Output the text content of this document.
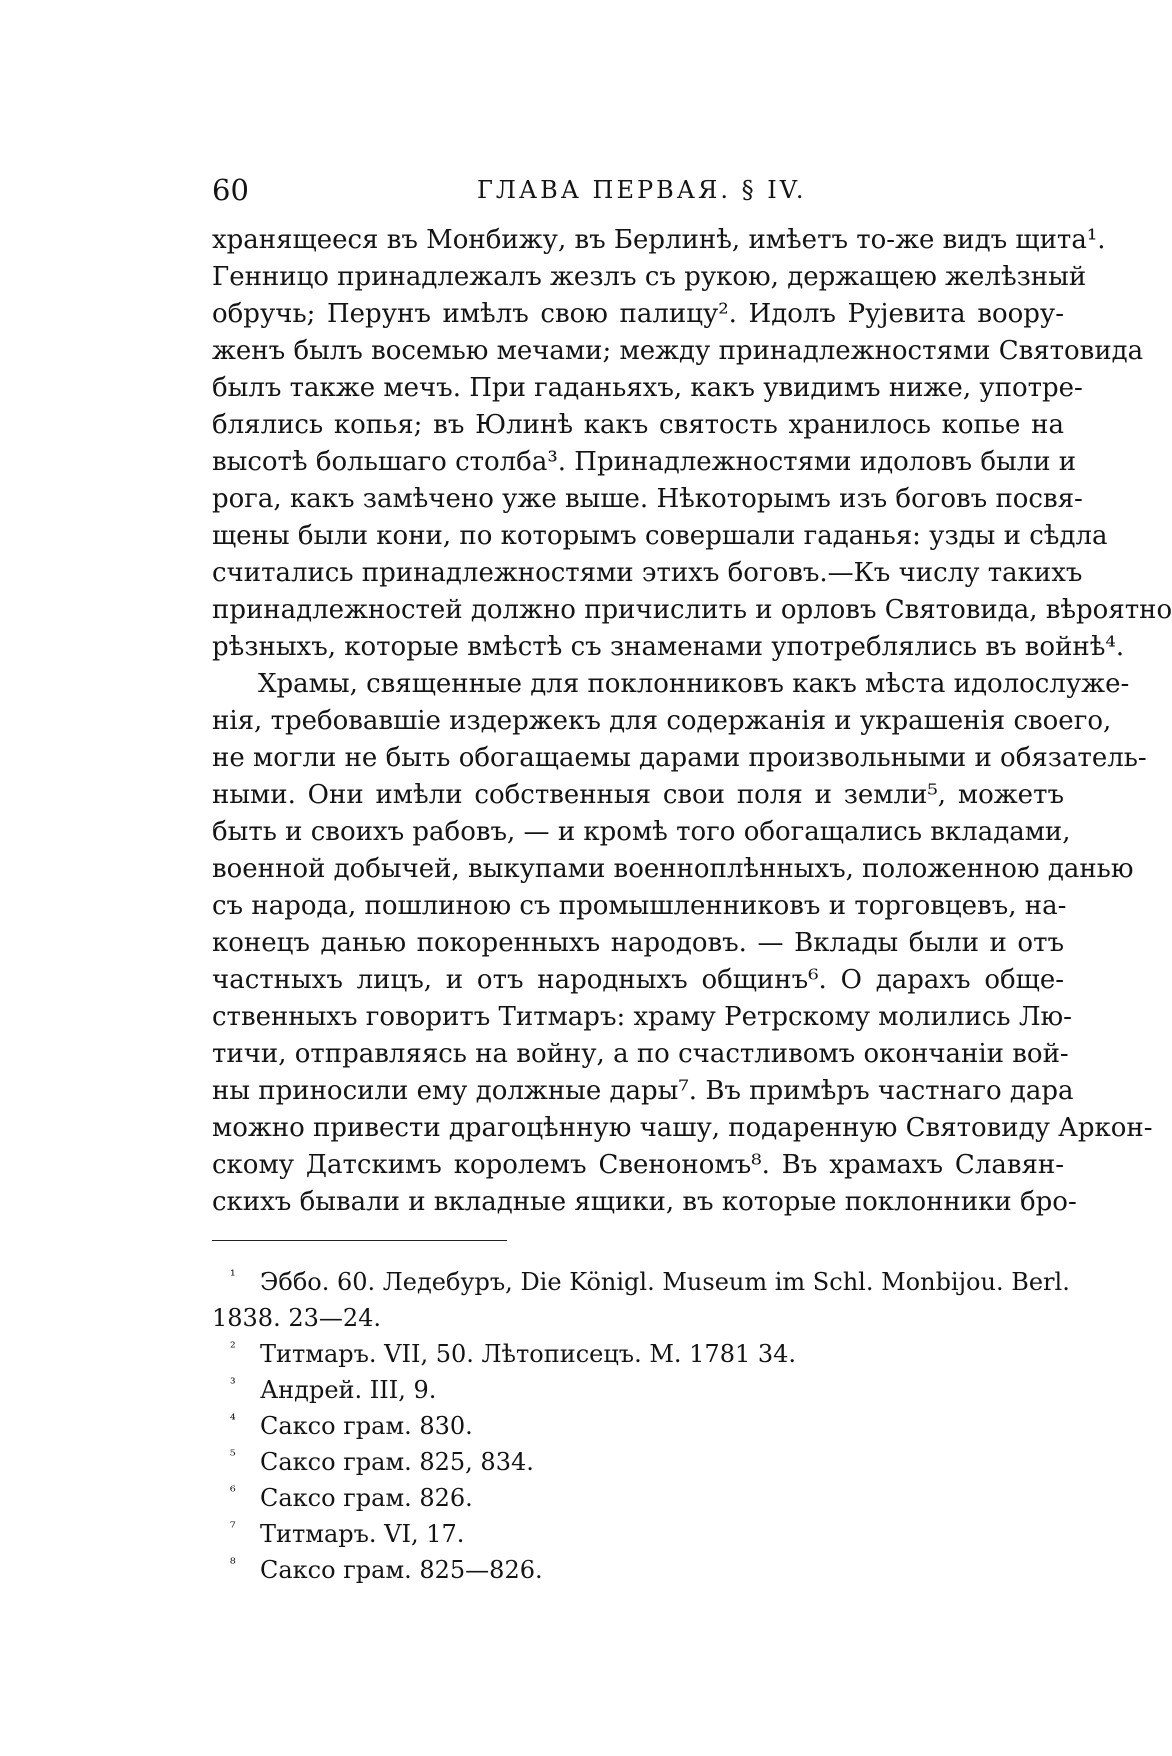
60	ГЛАВА ПЕРВАЯ. § IV.
хранящееся въ Монбижу, въ Берлинѣ, имѣетъ то-же видъ щита¹.
Генницо принадлежалъ жезлъ съ рукою, держащею желѣзный
обручь; Перунъ имѣлъ свою палицу². Идолъ Руjевита воору-
женъ былъ восемью мечами; между принадлежностями Святовида
былъ также мечъ. При гаданьяхъ, какъ увидимъ ниже, употре-
блялись копья; въ Юлинѣ какъ святость хранилось копье на
высотѣ большаго столба³. Принадлежностями идоловъ были и
рога, какъ замѣчено уже выше. Нѣкоторымъ изъ боговъ посвя-
щены были кони, по которымъ совершали гаданья: узды и сѣдла
считались принадлежностями этихъ боговъ.—Къ числу такихъ
принадлежностей должно причислить и орловъ Святовида, вѣроятно
рѣзныхъ, которые вмѣстѣ съ знаменами употреблялись въ войнѣ⁴.
Храмы, священные для поклонниковъ какъ мѣста идолослуже-
нія, требовавшіе издержекъ для содержанія и украшенія своего,
не могли не быть обогащаемы дарами произвольными и обязатель-
ными. Они имѣли собственныя свои поля и земли⁵, можетъ
быть и своихъ рабовъ, — и кромѣ того обогащались вкладами,
военной добычей, выкупами военноплѣнныхъ, положенною данью
съ народа, пошлиною съ промышленниковъ и торговцевъ, на-
конецъ данью покоренныхъ народовъ. — Вклады были и отъ
частныхъ лицъ, и отъ народныхъ общинъ⁶. О дарахъ обще-
ственныхъ говоритъ Титмаръ: храму Ретрскому молились Лю-
тичи, отправляясь на войну, а по счастливомъ окончаніи вой-
ны приносили ему должные дары⁷. Въ примѣръ частнаго дара
можно привести драгоцѣнную чашу, подаренную Святовиду Аркон-
скому Датскимъ королемъ Свенономъ⁸. Въ храмахъ Славян-
скихъ бывали и вкладные ящики, въ которые поклонники бро-
¹ Эббо. 60. Ледебуръ, Die Königl. Museum im Schl. Monbijou. Berl.
1838. 23—24.
² Титмаръ. VII, 50. Лѣтописецъ. М. 1781 34.
³ Андрей. III, 9.
⁴ Саксо грам. 830.
⁵ Саксо грам. 825, 834.
⁶ Саксо грам. 826.
⁷ Титмаръ. VI, 17.
⁸ Саксо грам. 825—826.
